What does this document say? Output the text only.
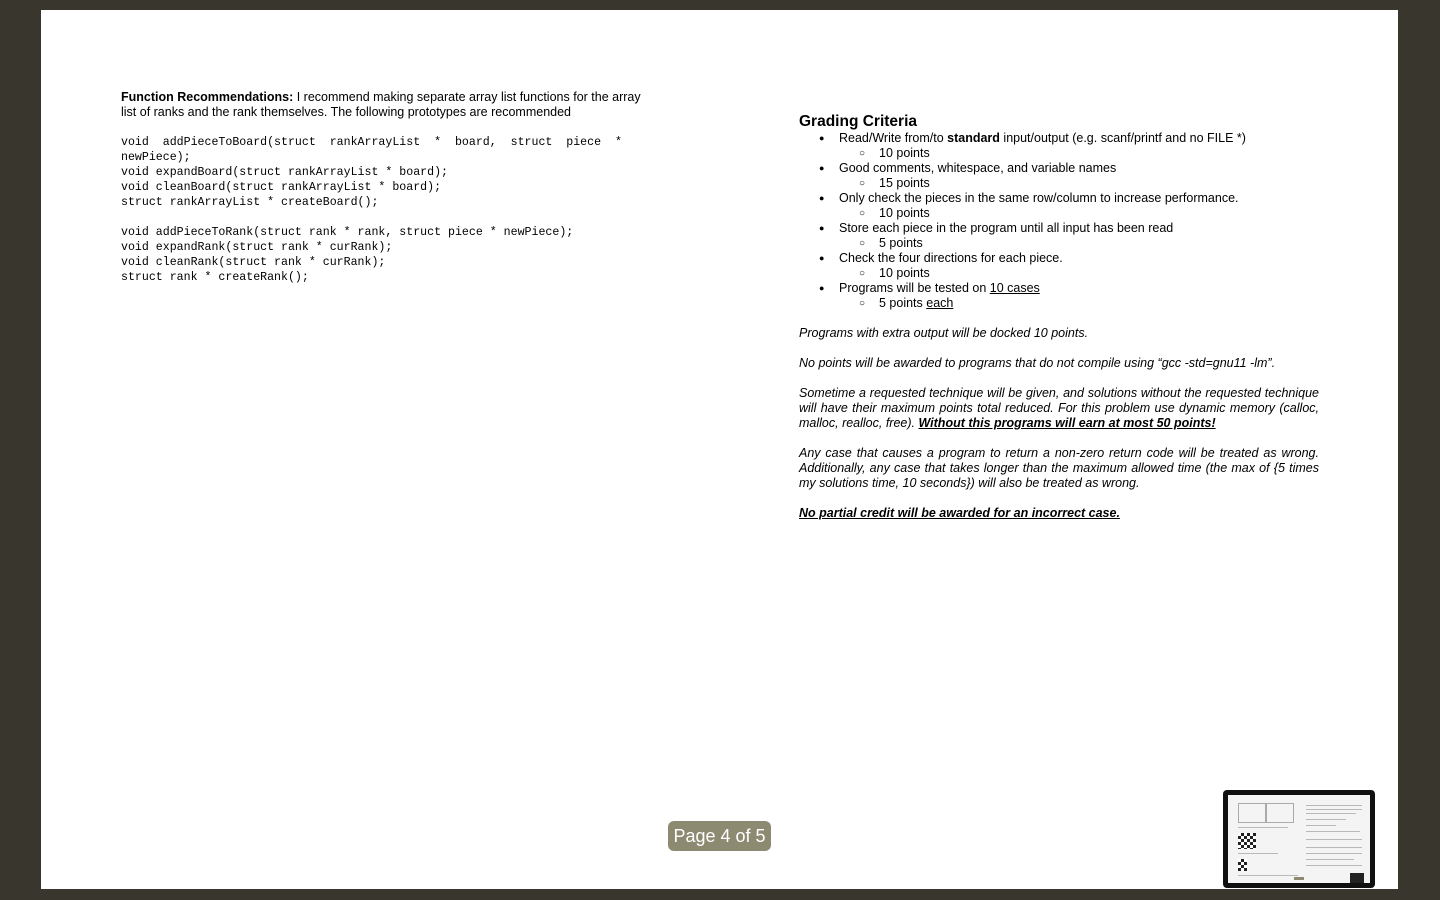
Function Recommendations: I recommend making separate array list functions for the array list of ranks and the rank themselves. The following prototypes are recommended

void  addPieceToBoard(struct  rankArrayList  *  board,  struct  piece  *
newPiece);
void expandBoard(struct rankArrayList * board);
void cleanBoard(struct rankArrayList * board);
struct rankArrayList * createBoard();
void addPieceToRank(struct rank * rank, struct piece * newPiece);
void expandRank(struct rank * curRank);
void cleanRank(struct rank * curRank);
struct rank * createRank();

Grading Criteria

● Read/Write from/to standard input/output (e.g. scanf/printf and no FILE *)
○ 10 points
● Good comments, whitespace, and variable names
○ 15 points
● Only check the pieces in the same row/column to increase performance.
○ 10 points
● Store each piece in the program until all input has been read
○ 5 points
● Check the four directions for each piece.
○ 10 points
● Programs will be tested on 10 cases
○ 5 points each

Programs with extra output will be docked 10 points.

No points will be awarded to programs that do not compile using “gcc -std=gnu11 -lm”.

Sometime a requested technique will be given, and solutions without the requested technique will have their maximum points total reduced. For this problem use dynamic memory (calloc, malloc, realloc, free). Without this programs will earn at most 50 points!

Any case that causes a program to return a non-zero return code will be treated as wrong. Additionally, any case that takes longer than the maximum allowed time (the max of {5 times my solutions time, 10 seconds}) will also be treated as wrong.

No partial credit will be awarded for an incorrect case.

Page 4 of 5
